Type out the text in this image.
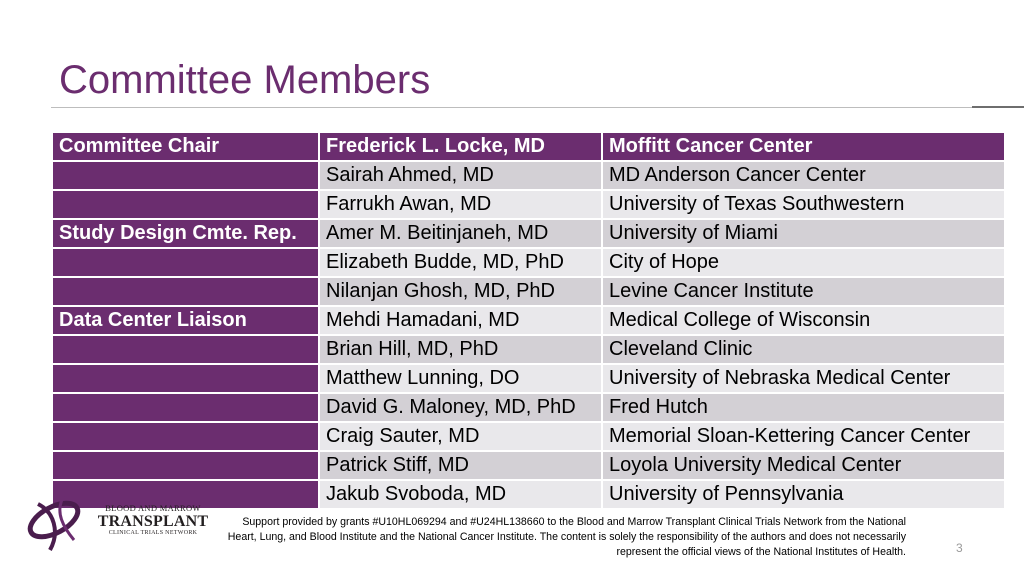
Committee Members
Committee Chair	Frederick L. Locke, MD	Moffitt Cancer Center
	Sairah Ahmed, MD	MD Anderson Cancer Center
	Farrukh Awan, MD	University of Texas Southwestern
Study Design Cmte. Rep.	Amer M. Beitinjaneh, MD	University of Miami
	Elizabeth Budde, MD, PhD	City of Hope
	Nilanjan Ghosh, MD, PhD	Levine Cancer Institute
Data Center Liaison	Mehdi Hamadani, MD	Medical College of Wisconsin
	Brian Hill, MD, PhD	Cleveland Clinic
	Matthew Lunning, DO	University of Nebraska Medical Center
	David G. Maloney, MD, PhD	Fred Hutch
	Craig Sauter, MD	Memorial Sloan-Kettering Cancer Center
	Patrick Stiff, MD	Loyola University Medical Center
	Jakub Svoboda, MD	University of Pennsylvania
BLOOD AND MARROW
TRANSPLANT
CLINICAL TRIALS NETWORK
Support provided by grants #U10HL069294 and #U24HL138660 to the Blood and Marrow Transplant Clinical Trials Network from the National Heart, Lung, and Blood Institute and the National Cancer Institute. The content is solely the responsibility of the authors and does not necessarily represent the official views of the National Institutes of Health.	3
